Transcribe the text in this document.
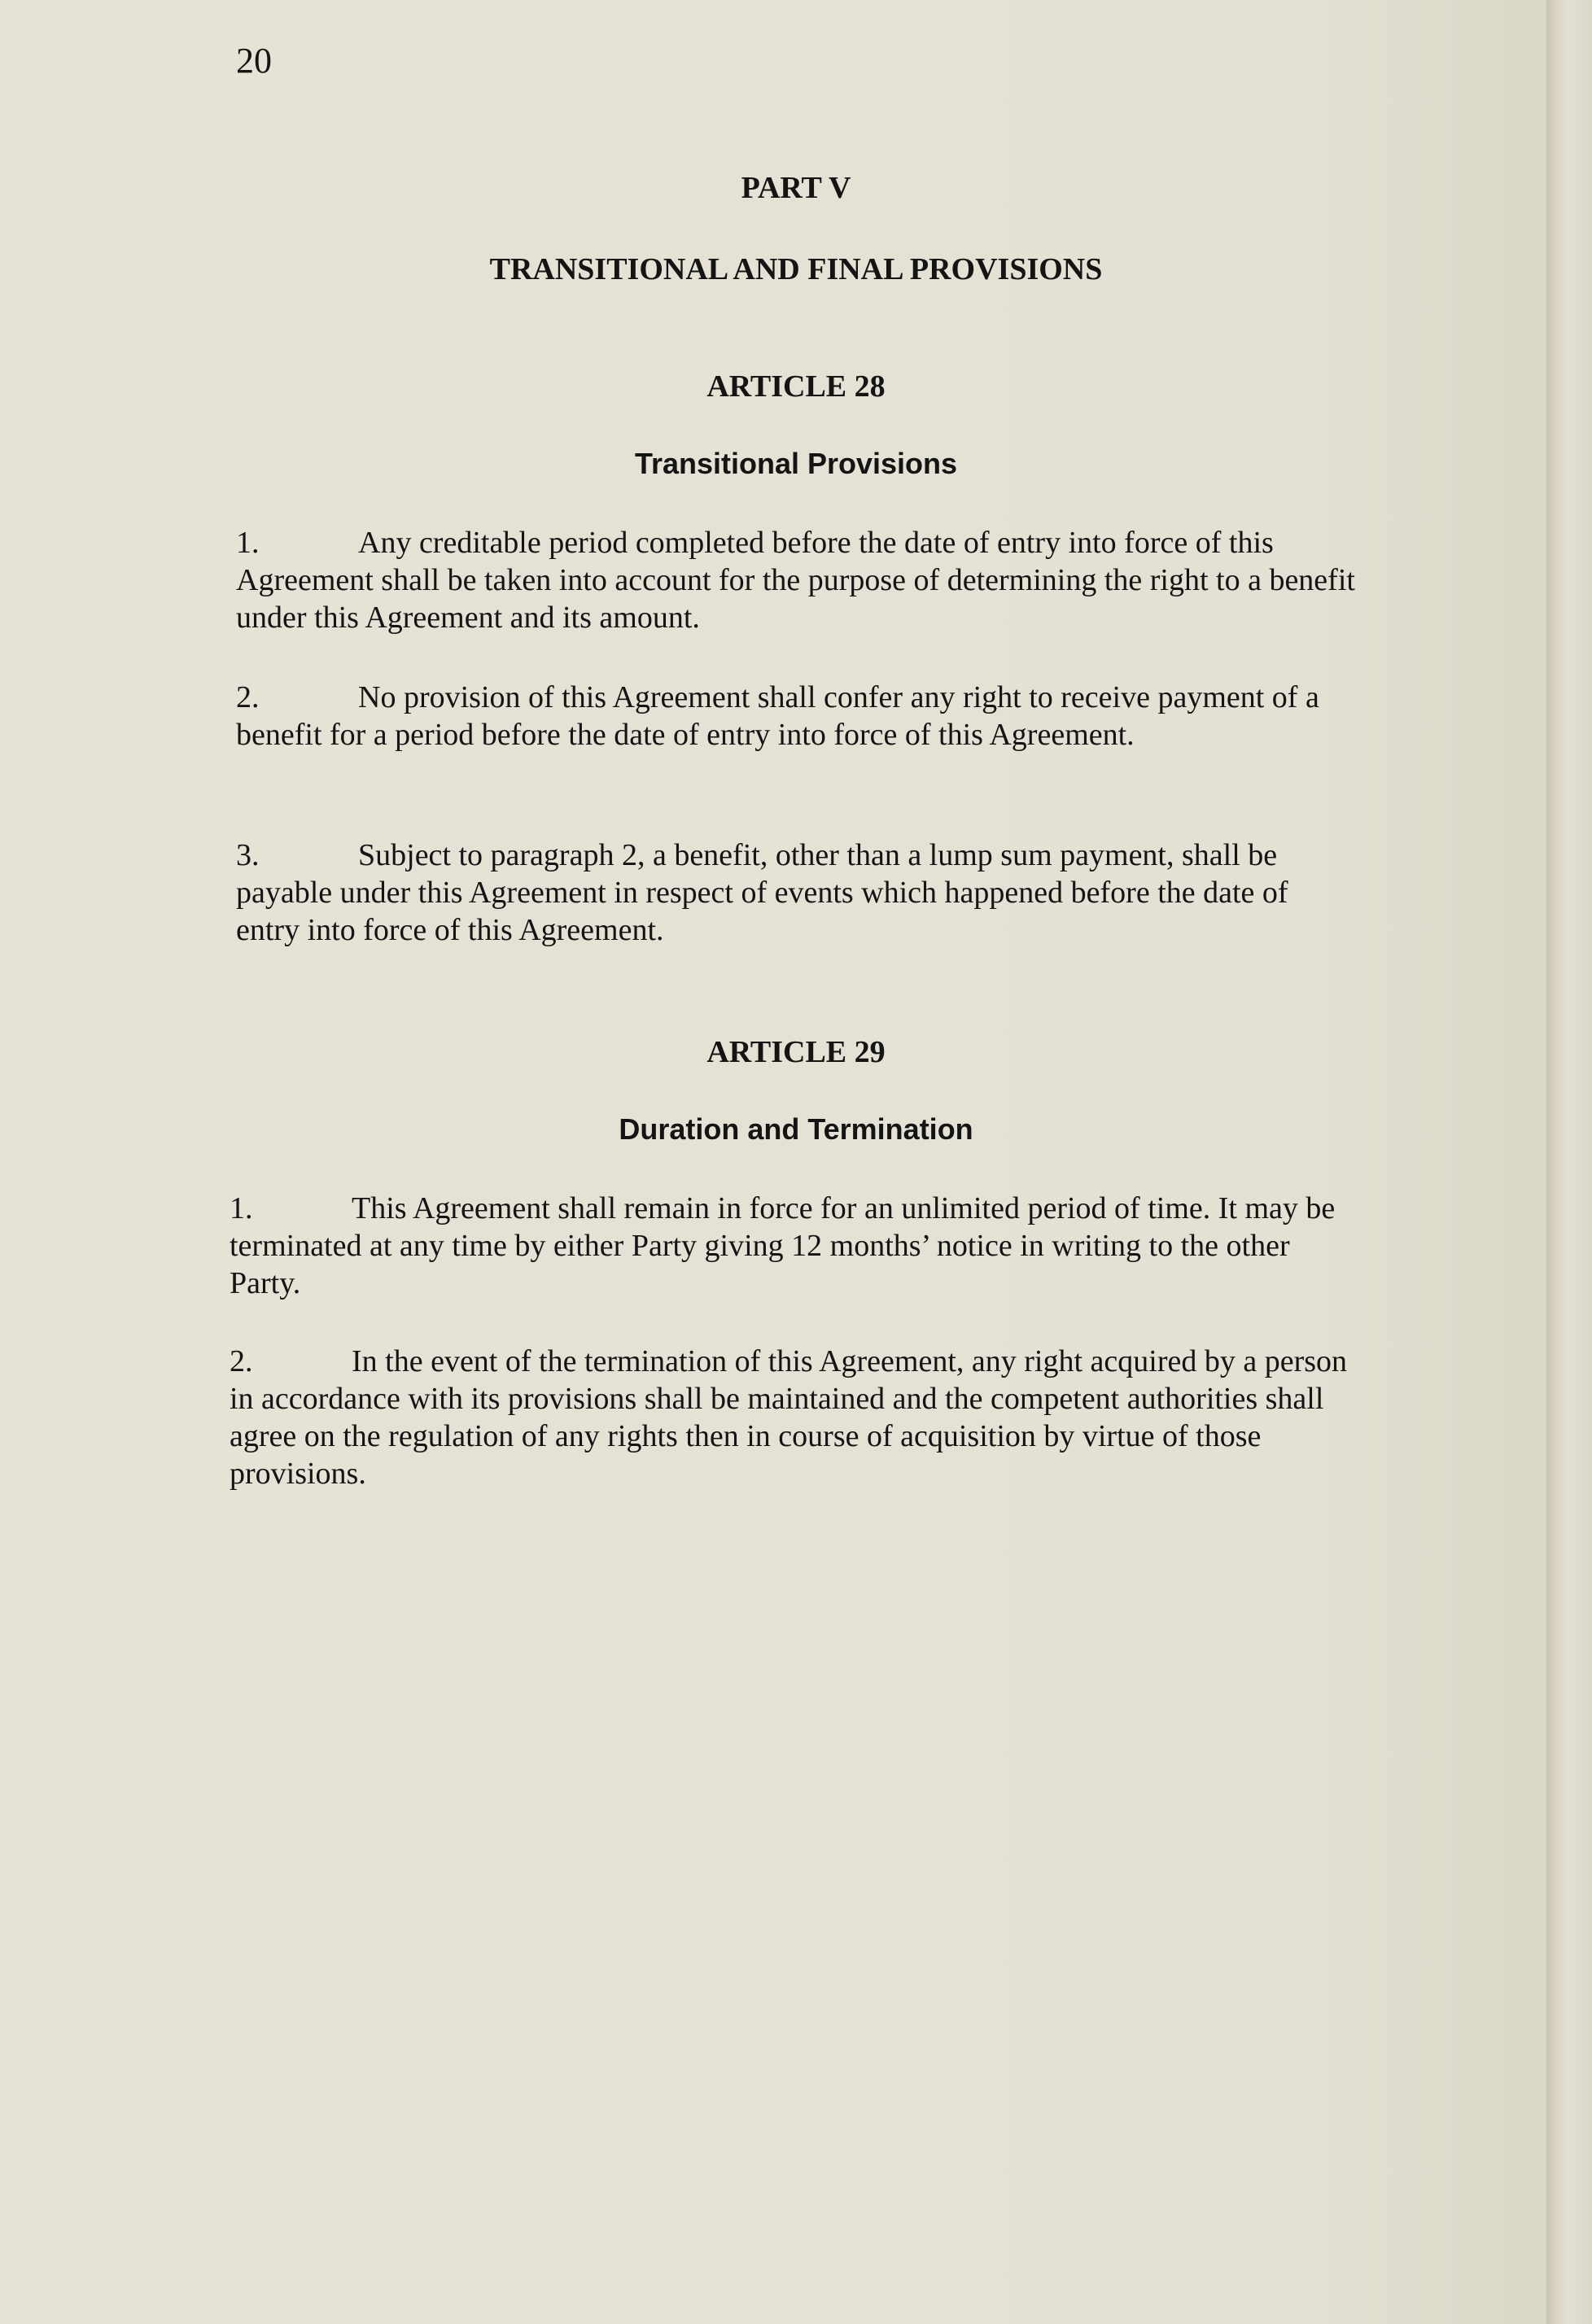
20
PART V
TRANSITIONAL AND FINAL PROVISIONS
ARTICLE 28
Transitional Provisions

1.	Any creditable period completed before the date of entry into force of this Agreement shall be taken into account for the purpose of determining the right to a benefit under this Agreement and its amount.

2.	No provision of this Agreement shall confer any right to receive payment of a benefit for a period before the date of entry into force of this Agreement.

3.	Subject to paragraph 2, a benefit, other than a lump sum payment, shall be payable under this Agreement in respect of events which happened before the date of entry into force of this Agreement.

ARTICLE 29
Duration and Termination

1.	This Agreement shall remain in force for an unlimited period of time. It may be terminated at any time by either Party giving 12 months’ notice in writing to the other Party.

2.	In the event of the termination of this Agreement, any right acquired by a person in accordance with its provisions shall be maintained and the competent authorities shall agree on the regulation of any rights then in course of acquisition by virtue of those provisions.
